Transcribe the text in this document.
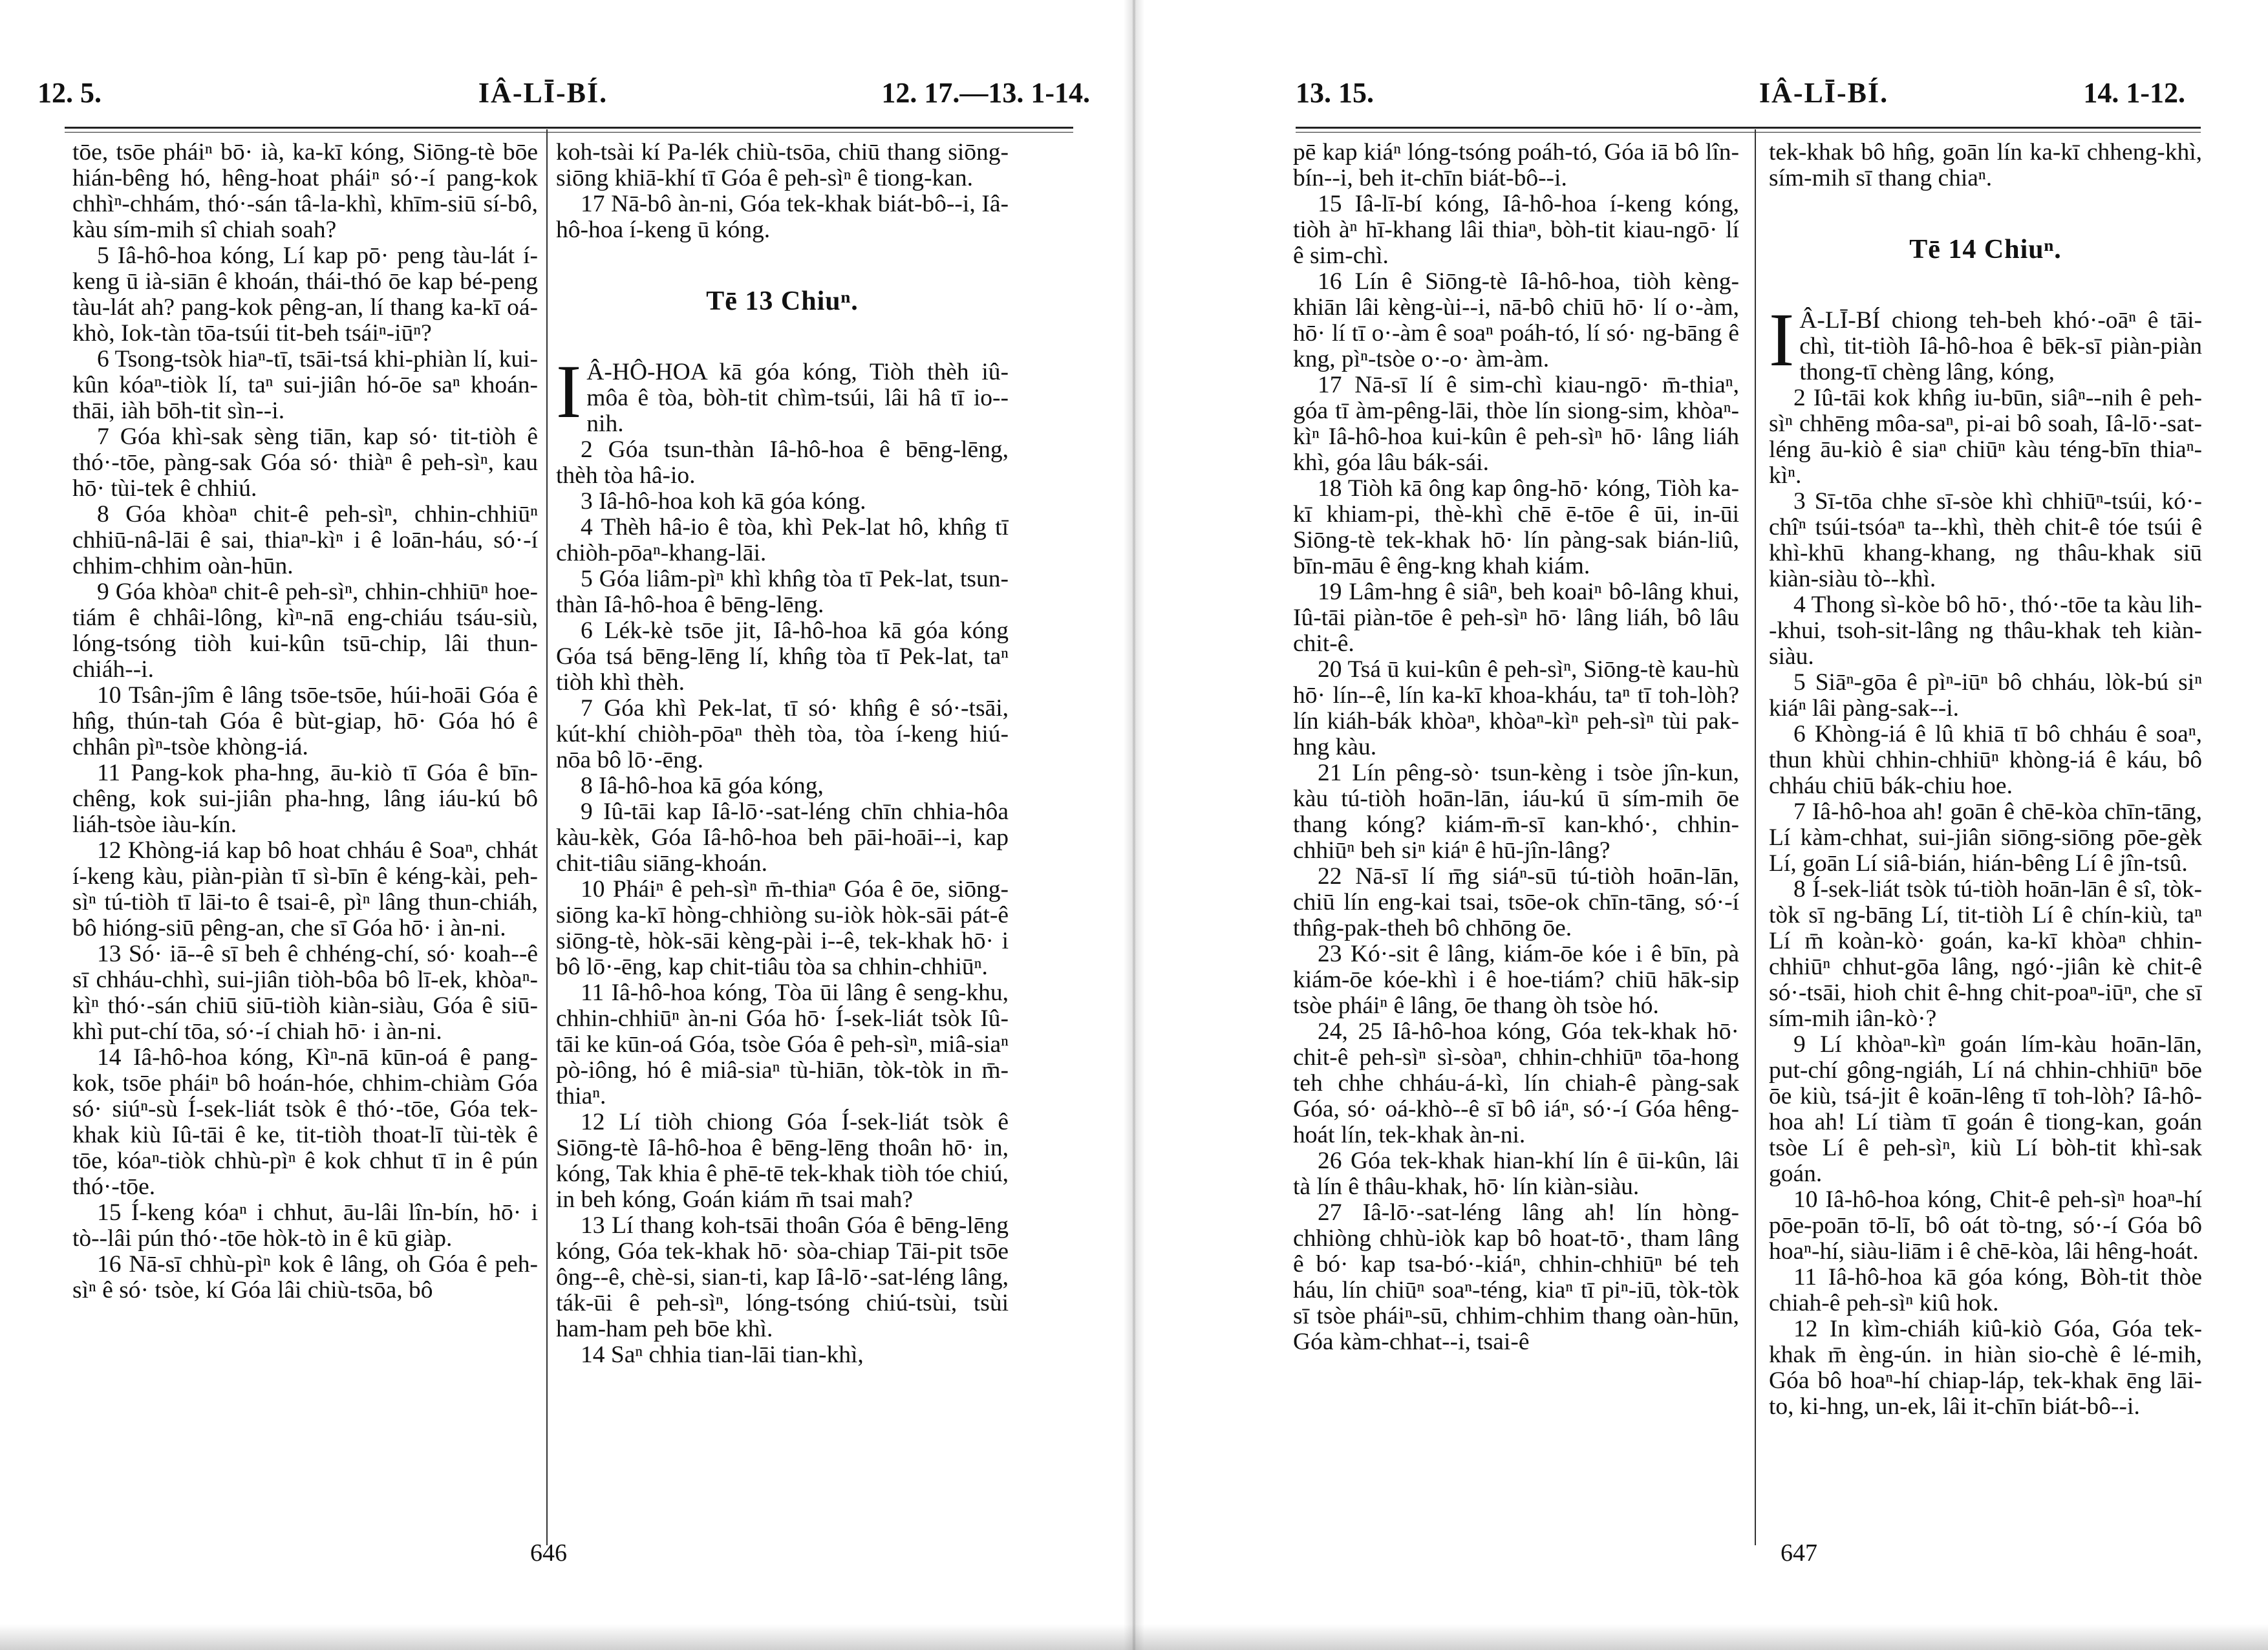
12. 5.	IÂ-LĪ-BÍ.	12. 17.—13. 1-14.

tōe, tsōe pháiⁿ bō· ià, ka-kī kóng, Siōng-tè bōe hián-bêng hó, hêng-hoat pháiⁿ só·-í pang-kok chhìⁿ-chhám, thó·-sán tâ-la-khì, khīm-siū sí-bô, kàu sím-mih sî chiah soah?

5 Iâ-hô-hoa kóng, Lí kap pō· peng tàu-lát í-keng ū ià-siān ê khoán, thái-thó ōe kap bé-peng tàu-lát ah? pang-kok pêng-an, lí thang ka-kī oá-khò, Iok-tàn tōa-tsúi tit-beh tsáiⁿ-iūⁿ?

6 Tsong-tsòk hiaⁿ-tī, tsāi-tsá khi-phiàn lí, kui-kûn kóaⁿ-tiòk lí, taⁿ sui-jiân hó-ōe saⁿ khoán-thāi, iàh bōh-tit sìn--i.

7 Góa khì-sak sèng tiān, kap só· tit-tiòh ê thó·-tōe, pàng-sak Góa só· thiàⁿ ê peh-sìⁿ, kau hō· tùi-tek ê chhiú.

8 Góa khòaⁿ chit-ê peh-sìⁿ, chhin-chhiūⁿ chhiū-nâ-lāi ê sai, thiaⁿ-kìⁿ i ê loān-háu, só·-í chhim-chhim oàn-hūn.

9 Góa khòaⁿ chit-ê peh-sìⁿ, chhin-chhiūⁿ hoe-tiám ê chhâi-lông, kìⁿ-nā eng-chiáu tsáu-siù, lóng-tsóng tiòh kui-kûn tsū-chip, lâi thun-chiáh--i.

10 Tsân-jîm ê lâng tsōe-tsōe, húi-hoāi Góa ê hn̂g, thún-tah Góa ê bùt-giap, hō· Góa hó ê chhân pìⁿ-tsòe khòng-iá.

11 Pang-kok pha-hng, āu-kiò tī Góa ê bīn-chêng, kok sui-jiân pha-hng, lâng iáu-kú bô liáh-tsòe iàu-kín.

12 Khòng-iá kap bô hoat chháu ê Soaⁿ, chhát í-keng kàu, piàn-piàn tī sì-bīn ê kéng-kài, peh-sìⁿ tú-tiòh tī lāi-to ê tsai-ê, pìⁿ lâng thun-chiáh, bô hióng-siū pêng-an, che sī Góa hō· i àn-ni.

13 Só· iā--ê sī beh ê chhéng-chí, só· koah--ê sī chháu-chhì, sui-jiân tiòh-bôa bô lī-ek, khòaⁿ-kìⁿ thó·-sán chiū siū-tiòh kiàn-siàu, Góa ê siū-khì put-chí tōa, só·-í chiah hō· i àn-ni.

14 Iâ-hô-hoa kóng, Kìⁿ-nā kūn-oá ê pang-kok, tsōe pháiⁿ bô hoán-hóe, chhim-chiàm Góa só· siúⁿ-sù Í-sek-liát tsòk ê thó·-tōe, Góa tek-khak kiù Iû-tāi ê ke, tit-tiòh thoat-lī tùi-tèk ê tōe, kóaⁿ-tiòk chhù-pìⁿ ê kok chhut tī in ê pún thó·-tōe.

15 Í-keng kóaⁿ i chhut, āu-lâi lîn-bín, hō· i tò--lâi pún thó·-tōe hòk-tò in ê kū giàp.

16 Nā-sī chhù-pìⁿ kok ê lâng, oh Góa ê peh-sìⁿ ê só· tsòe, kí Góa lâi chiù-tsōa, bô

koh-tsài kí Pa-lék chiù-tsōa, chiū thang siōng-siōng khiā-khí tī Góa ê peh-sìⁿ ê tiong-kan.

17 Nā-bô àn-ni, Góa tek-khak biát-bô--i, Iâ-hô-hoa í-keng ū kóng.

Tē 13 Chiuⁿ.
I Â-HÔ-HOA kā góa kóng, Tiòh thèh iû-môa ê tòa, bòh-tit chìm-tsúi, lâi hâ tī io--nih.

2 Góa tsun-thàn Iâ-hô-hoa ê bēng-lēng, thèh tòa hâ-io.

3 Iâ-hô-hoa koh kā góa kóng.

4 Thèh hâ-io ê tòa, khì Pek-lat hô, khn̂g tī chiòh-pōaⁿ-khang-lāi.

5 Góa liâm-pìⁿ khì khn̂g tòa tī Pek-lat, tsun-thàn Iâ-hô-hoa ê bēng-lēng.

6 Lék-kè tsōe jit, Iâ-hô-hoa kā góa kóng Góa tsá bēng-lēng lí, khn̂g tòa tī Pek-lat, taⁿ tiòh khì thèh.

7 Góa khì Pek-lat, tī só· khn̂g ê só·-tsāi, kút-khí chiòh-pōaⁿ thèh tòa, tòa í-keng hiú-nōa bô lō·-ēng.

8 Iâ-hô-hoa kā góa kóng,

9 Iû-tāi kap Iâ-lō·-sat-léng chīn chhia-hôa kàu-kèk, Góa Iâ-hô-hoa beh pāi-hoāi--i, kap chit-tiâu siāng-khoán.

10 Pháiⁿ ê peh-sìⁿ m̄-thiaⁿ Góa ê ōe, siōng-siōng ka-kī hòng-chhiòng su-iòk hòk-sāi pát-ê siōng-tè, hòk-sāi kèng-pài i--ê, tek-khak hō· i bô lō·-ēng, kap chit-tiâu tòa sa chhin-chhiūⁿ.

11 Iâ-hô-hoa kóng, Tòa ūi lâng ê seng-khu, chhin-chhiūⁿ àn-ni Góa hō· Í-sek-liát tsòk Iû-tāi ke kūn-oá Góa, tsòe Góa ê peh-sìⁿ, miâ-siaⁿ pò-iông, hó ê miâ-siaⁿ tù-hiān, tòk-tòk in m̄-thiaⁿ.

12 Lí tiòh chiong Góa Í-sek-liát tsòk ê Siōng-tè Iâ-hô-hoa ê bēng-lēng thoân hō· in, kóng, Tak khia ê phē-tē tek-khak tiòh tóe chiú, in beh kóng, Goán kiám m̄ tsai mah?

13 Lí thang koh-tsāi thoân Góa ê bēng-lēng kóng, Góa tek-khak hō· sòa-chiap Tāi-pit tsōe ông--ê, chè-si, sian-ti, kap Iâ-lō·-sat-léng lâng, ták-ūi ê peh-sìⁿ, lóng-tsóng chiú-tsùi, tsùi ham-ham peh bōe khì.

14 Saⁿ chhia tian-lāi tian-khì,

646
13. 15.	IÂ-LĪ-BÍ.	14. 1-12.

pē kap kiáⁿ lóng-tsóng poáh-tó, Góa iā bô lîn-bín--i, beh it-chīn biát-bô--i.

15 Iâ-lī-bí kóng, Iâ-hô-hoa í-keng kóng, tiòh àⁿ hī-khang lâi thiaⁿ, bòh-tit kiau-ngō· lí ê sim-chì.

16 Lín ê Siōng-tè Iâ-hô-hoa, tiòh kèng-khiān lâi kèng-ùi--i, nā-bô chiū hō· lí o·-àm, hō· lí tī o·-àm ê soaⁿ poáh-tó, lí só· ng-bāng ê kng, pìⁿ-tsòe o·-o· àm-àm.

17 Nā-sī lí ê sim-chì kiau-ngō· m̄-thiaⁿ, góa tī àm-pêng-lāi, thòe lín siong-sim, khòaⁿ-kìⁿ Iâ-hô-hoa kui-kûn ê peh-sìⁿ hō· lâng liáh khì, góa lâu bák-sái.

18 Tiòh kā ông kap ông-hō· kóng, Tiòh ka-kī khiam-pi, thè-khì chē ē-tōe ê ūi, in-ūi Siōng-tè tek-khak hō· lín pàng-sak bián-liû, bīn-māu ê êng-kng khah kiám.

19 Lâm-hng ê siâⁿ, beh koaiⁿ bô-lâng khui, Iû-tāi piàn-tōe ê peh-sìⁿ hō· lâng liáh, bô lâu chit-ê.

20 Tsá ū kui-kûn ê peh-sìⁿ, Siōng-tè kau-hù hō· lín--ê, lín ka-kī khoa-kháu, taⁿ tī toh-lòh? lín kiáh-bák khòaⁿ, khòaⁿ-kìⁿ peh-sìⁿ tùi pak-hng kàu.

21 Lín pêng-sò· tsun-kèng i tsòe jîn-kun, kàu tú-tiòh hoān-lān, iáu-kú ū sím-mih ōe thang kóng? kiám-m̄-sī kan-khó·, chhin-chhiūⁿ beh siⁿ kiáⁿ ê hū-jîn-lâng?

22 Nā-sī lí m̄g siáⁿ-sū tú-tiòh hoān-lān, chiū lín eng-kai tsai, tsōe-ok chīn-tāng, só·-í thn̂g-pak-theh bô chhōng ōe.

23 Kó·-sit ê lâng, kiám-ōe kóe i ê bīn, pà kiám-ōe kóe-khì i ê hoe-tiám? chiū hāk-sip tsòe pháiⁿ ê lâng, ōe thang òh tsòe hó.

24, 25 Iâ-hô-hoa kóng, Góa tek-khak hō· chit-ê peh-sìⁿ sì-sòaⁿ, chhin-chhiūⁿ tōa-hong teh chhe chháu-á-kì, lín chiah-ê pàng-sak Góa, só· oá-khò--ê sī bô iáⁿ, só·-í Góa hêng-hoát lín, tek-khak àn-ni.

26 Góa tek-khak hian-khí lín ê ūi-kûn, lâi tà lín ê thâu-khak, hō· lín kiàn-siàu.

27 Iâ-lō·-sat-léng lâng ah! lín hòng-chhiòng chhù-iòk kap bô hoat-tō·, tham lâng ê bó· kap tsa-bó·-kiáⁿ, chhin-chhiūⁿ bé teh háu, lín chiūⁿ soaⁿ-téng, kiaⁿ tī piⁿ-iū, tòk-tòk sī tsòe pháiⁿ-sū, chhim-chhim thang oàn-hūn, Góa kàm-chhat--i, tsai-ê

tek-khak bô hn̂g, goān lín ka-kī chheng-khì, sím-mih sī thang chiaⁿ.

Tē 14 Chiuⁿ.
I Â-LĪ-BÍ chiong teh-beh khó·-oāⁿ ê tāi-chì, tit-tiòh Iâ-hô-hoa ê bēk-sī piàn-piàn thong-tī chèng lâng, kóng,

2 Iû-tāi kok khn̂g iu-būn, siâⁿ--nih ê peh-sìⁿ chhēng môa-saⁿ, pi-ai bô soah, Iâ-lō·-sat-léng āu-kiò ê siaⁿ chiūⁿ kàu téng-bīn thiaⁿ-kìⁿ.

3 Sī-tōa chhe sī-sòe khì chhiūⁿ-tsúi, kó·-chîⁿ tsúi-tsóaⁿ ta--khì, thèh chit-ê tóe tsúi ê khì-khū khang-khang, ng thâu-khak siū kiàn-siàu tò--khì.

4 Thong sì-kòe bô hō·, thó·-tōe ta kàu lih--khui, tsoh-sit-lâng ng thâu-khak teh kiàn-siàu.

5 Siāⁿ-gōa ê pìⁿ-iūⁿ bô chháu, lòk-bú siⁿ kiáⁿ lâi pàng-sak--i.

6 Khòng-iá ê lû khiā tī bô chháu ê soaⁿ, thun khùi chhin-chhiūⁿ khòng-iá ê káu, bô chháu chiū bák-chiu hoe.

7 Iâ-hô-hoa ah! goān ê chē-kòa chīn-tāng, Lí kàm-chhat, sui-jiân siōng-siōng pōe-gèk Lí, goān Lí siâ-bián, hián-bêng Lí ê jîn-tsû.

8 Í-sek-liát tsòk tú-tiòh hoān-lān ê sî, tòk-tòk sī ng-bāng Lí, tit-tiòh Lí ê chín-kiù, taⁿ Lí m̄ koàn-kò· goán, ka-kī khòaⁿ chhin-chhiūⁿ chhut-gōa lâng, ngó·-jiân kè chit-ê só·-tsāi, hioh chit ê-hng chit-poaⁿ-iūⁿ, che sī sím-mih iân-kò·?

9 Lí khòaⁿ-kìⁿ goán lím-kàu hoān-lān, put-chí gông-ngiáh, Lí ná chhin-chhiūⁿ bōe ōe kiù, tsá-jit ê koān-lêng tī toh-lòh? Iâ-hô-hoa ah! Lí tiàm tī goán ê tiong-kan, goán tsòe Lí ê peh-sìⁿ, kiù Lí bòh-tit khì-sak goán.

10 Iâ-hô-hoa kóng, Chit-ê peh-sìⁿ hoaⁿ-hí pōe-poān tō-lī, bô oát tò-tng, só·-í Góa bô hoaⁿ-hí, siàu-liām i ê chē-kòa, lâi hêng-hoát.

11 Iâ-hô-hoa kā góa kóng, Bòh-tit thòe chiah-ê peh-sìⁿ kiû hok.

12 In kìm-chiáh kiû-kiò Góa, Góa tek-khak m̄ èng-ún. in hiàn sio-chè ê lé-mih, Góa bô hoaⁿ-hí chiap-láp, tek-khak ēng lāi-to, ki-hng, un-ek, lâi it-chīn biát-bô--i.

647
